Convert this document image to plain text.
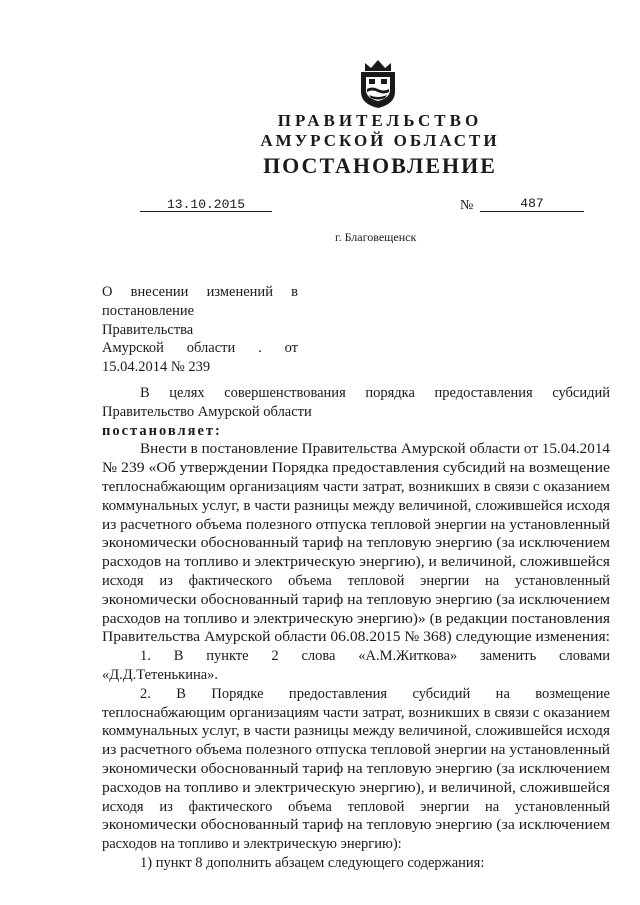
ПРАВИТЕЛЬСТВО
АМУРСКОЙ ОБЛАСТИ
ПОСТАНОВЛЕНИЕ
13.10.2015	№	487
г. Благовещенск
О внесении изменений в
постановление
Правительства
Амурской области . от
15.04.2014 № 239
В целях совершенствования порядка предоставления субсидий
Правительство Амурской области
постановляет:
Внести в постановление Правительства Амурской области от 15.04.2014
№ 239 «Об утверждении Порядка предоставления субсидий на возмещение
теплоснабжающим организациям части затрат, возникших в связи с оказанием
коммунальных услуг, в части разницы между величиной, сложившейся исходя
из расчетного объема полезного отпуска тепловой энергии на установленный
экономически обоснованный тариф на тепловую энергию (за исключением
расходов на топливо и электрическую энергию), и величиной, сложившейся
исходя из фактического объема тепловой энергии на установленный
экономически обоснованный тариф на тепловую энергию (за исключением
расходов на топливо и электрическую энергию)» (в редакции постановления
Правительства Амурской области 06.08.2015 № 368) следующие изменения:
1. В пункте 2 слова «А.М.Житкова» заменить словами
«Д.Д.Тетенькина».
2. В Порядке предоставления субсидий на возмещение
теплоснабжающим организациям части затрат, возникших в связи с оказанием
коммунальных услуг, в части разницы между величиной, сложившейся исходя
из расчетного объема полезного отпуска тепловой энергии на установленный
экономически обоснованный тариф на тепловую энергию (за исключением
расходов на топливо и электрическую энергию), и величиной, сложившейся
исходя из фактического объема тепловой энергии на установленный
экономически обоснованный тариф на тепловую энергию (за исключением
расходов на топливо и электрическую энергию):
1) пункт 8 дополнить абзацем следующего содержания:
